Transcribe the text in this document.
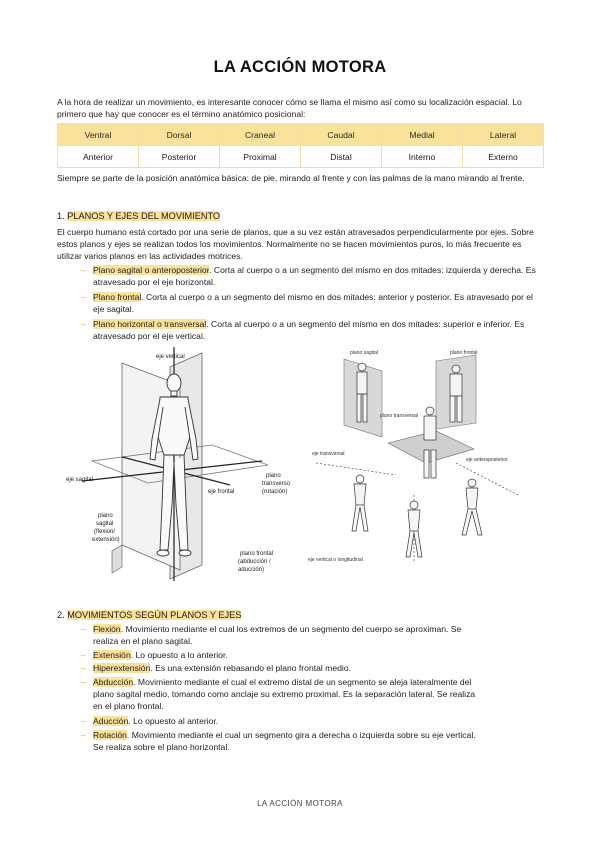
LA ACCIÓN MOTORA
A la hora de realizar un movimiento, es interesante conocer cómo se llama el mismo así como su localización espacial. Lo primero que hay que conocer es el término anatómico posicional:
Ventral	Dorsal	Craneal	Caudal	Medial	Lateral
Anterior	Posterior	Proximal	Distal	Interno	Externo
Siempre se parte de la posición anatómica básica: de pie, mirando al frente y con las palmas de la mano mirando al frente.
1. PLANOS Y EJES DEL MOVIMIENTO
El cuerpo humano está cortado por una serie de planos, que a su vez están atravesados perpendicularmente por ejes. Sobre estos planos y ejes se realizan todos los movimientos. Normalmente no se hacen movimientos puros, lo más frecuente es utilizar varios planos en las actividades motrices.
→ Plano sagital o anteroposterior. Corta al cuerpo o a un segmento del mismo en dos mitades: izquierda y derecha. Es atravesado por el eje horizontal.
→ Plano frontal. Corta al cuerpo o a un segmento del mismo en dos mitades: anterior y posterior. Es atravesado por el eje sagital.
→ Plano horizontal o transversal. Corta al cuerpo o a un segmento del mismo en dos mitades: superior e inferior. Es atravesado por el eje vertical.
eje vertical
eje sagital
eje frontal
plano
transverso
(rotación)
plano
sagital
(flexion/
extensión)
plano frontal
(abducción /
aducción)
plano sagital	plano frontal
plano transversal
eje transversal
eje anteroposterior
eje vertical o longitudinal
2. MOVIMIENTOS SEGÚN PLANOS Y EJES
→ Flexión. Movimiento mediante el cual los extremos de un segmento del cuerpo se aproximan. Se
realiza en el plano sagital.
→ Extensión. Lo opuesto a lo anterior.
→ Hiperextensión. Es una extensión rebasando el plano frontal medio.
→ Abducción. Movimiento mediante el cual el extremo distal de un segmento se aleja lateralmente del
plano sagital medio, tomando como anclaje su extremo proximal. Es la separación lateral. Se realiza
en el plano frontal.
→ Aducción. Lo opuesto al anterior.
→ Rotación. Movimiento mediante el cual un segmento gira a derecha o izquierda sobre su eje vertical.
Se realiza sobre el plano horizontal.
LA ACCIÓN MOTORA
